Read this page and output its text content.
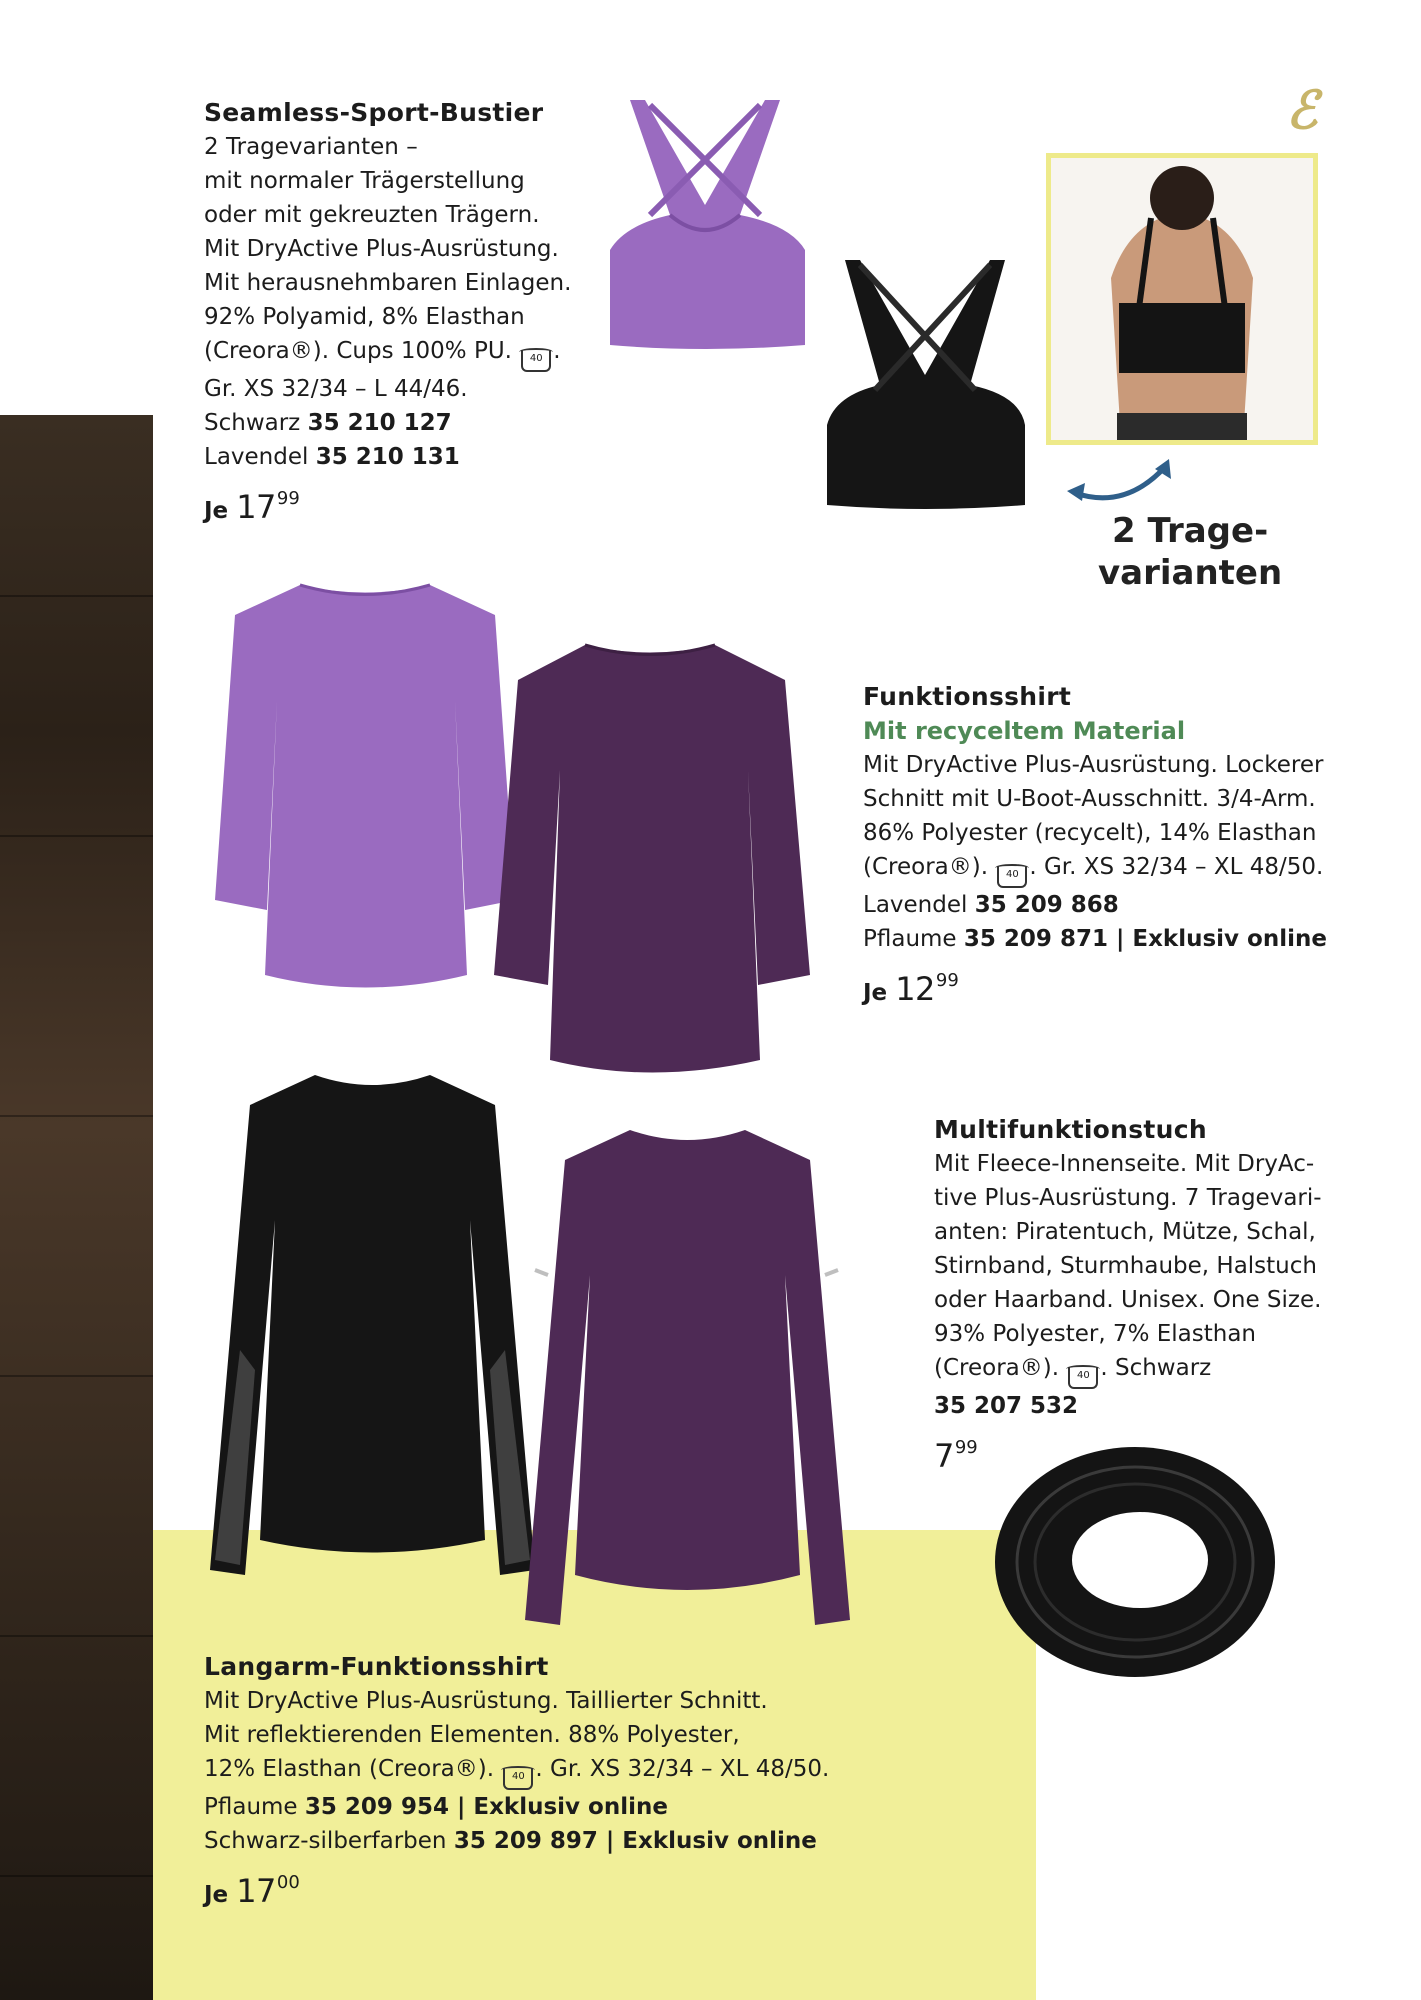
ℰ
Seamless-Sport-Bustier
2 Tragevarianten –
mit normaler Trägerstellung
oder mit gekreuzten Trägern.
Mit DryActive Plus-Ausrüstung.
Mit herausnehmbaren Einlagen.
92% Polyamid, 8% Elasthan
(Creora®). Cups 100% PU. 40 .
Gr. XS 32/34 – L 44/46.
Schwarz 35 210 127
Lavendel 35 210 131
Je $17^{99}$
2 Trage-
varianten
Funktionsshirt
Mit recyceltem Material
Mit DryActive Plus-Ausrüstung. Lockerer
Schnitt mit U-Boot-Ausschnitt. 3/4-Arm.
86% Polyester (recycelt), 14% Elasthan
(Creora®). 40 . Gr. XS 32/34 – XL 48/50.
Lavendel 35 209 868
Pflaume 35 209 871 | Exklusiv online
Je $12^{99}$
Multifunktionstuch
Mit Fleece-Innenseite. Mit DryAc-
tive Plus-Ausrüstung. 7 Tragevari-
anten: Piratentuch, Mütze, Schal,
Stirnband, Sturmhaube, Halstuch
oder Haarband. Unisex. One Size.
93% Polyester, 7% Elasthan
(Creora®). 40 . Schwarz
35 207 532
$7^{99}$
Langarm-Funktionsshirt
Mit DryActive Plus-Ausrüstung. Taillierter Schnitt.
Mit reflektierenden Elementen. 88% Polyester,
12% Elasthan (Creora®). 40 . Gr. XS 32/34 – XL 48/50.
Pflaume 35 209 954 | Exklusiv online
Schwarz-silberfarben 35 209 897 | Exklusiv online
Je $17^{00}$
